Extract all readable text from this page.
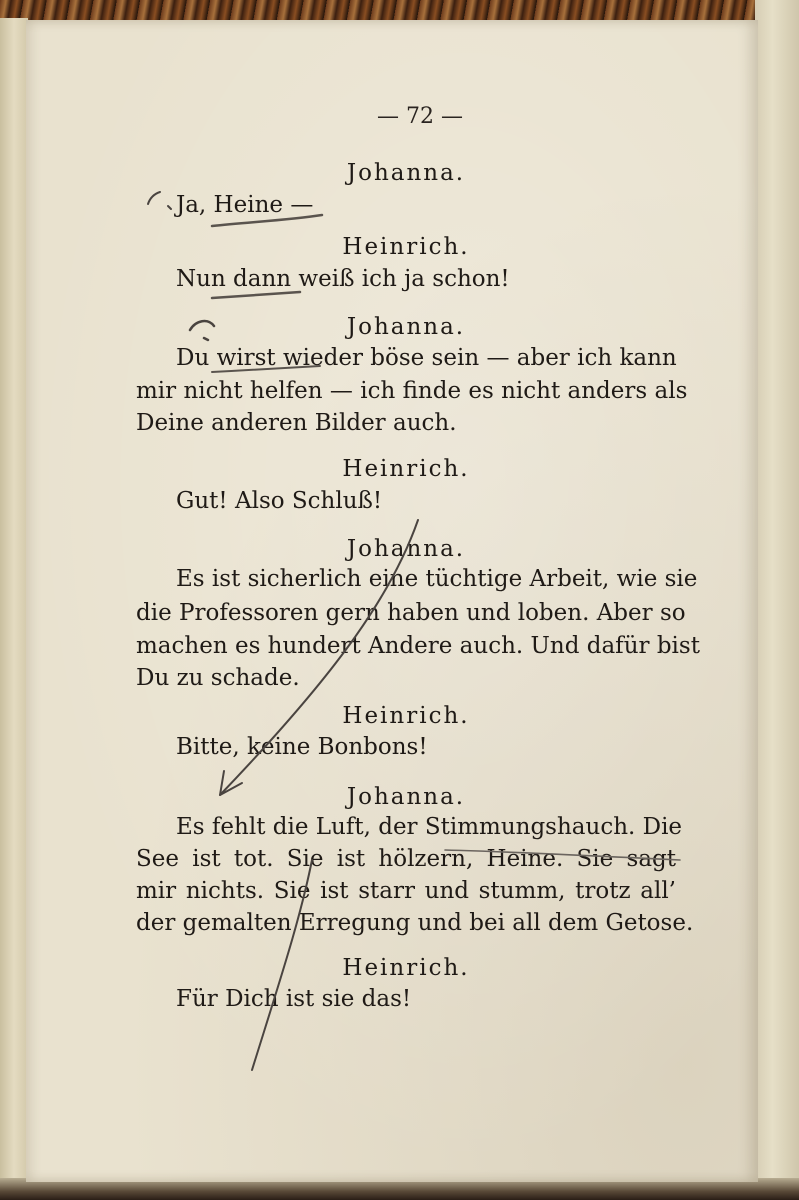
— 72 —
Johanna.
Ja, Heine —
Heinrich.
Nun dann weiß ich ja schon!
Johanna.
Du wirst wieder böse sein — aber ich kann
mir nicht helfen — ich finde es nicht anders als
Deine anderen Bilder auch.
Heinrich.
Gut! Also Schluß!
Johanna.
Es ist sicherlich eine tüchtige Arbeit, wie sie
die Professoren gern haben und loben. Aber so
machen es hundert Andere auch. Und dafür bist
Du zu schade.
Heinrich.
Bitte, keine Bonbons!
Johanna.
Es fehlt die Luft, der Stimmungshauch. Die
See ist tot. Sie ist hölzern, Heine. Sie sagt
mir nichts. Sie ist starr und stumm, trotz all’
der gemalten Erregung und bei all dem Getose.
Heinrich.
Für Dich ist sie das!
